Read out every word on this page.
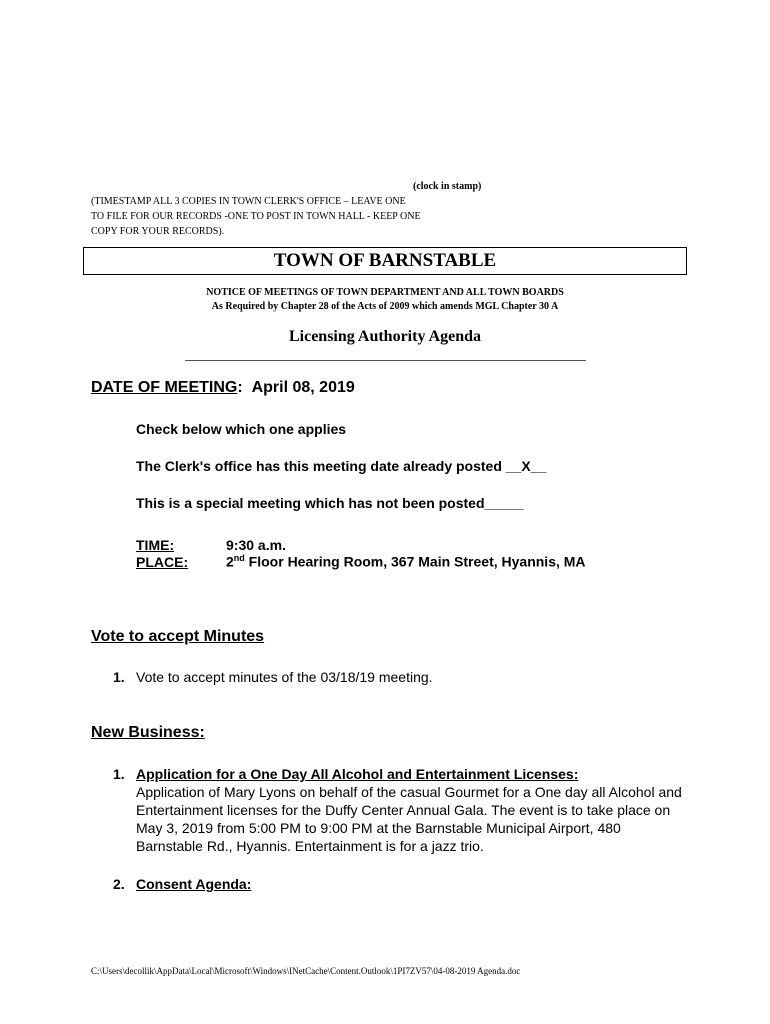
(clock in stamp)
(TIMESTAMP ALL 3 COPIES IN TOWN CLERK'S OFFICE – LEAVE ONE TO FILE FOR OUR RECORDS -ONE TO POST IN TOWN HALL - KEEP ONE COPY FOR YOUR RECORDS).
TOWN OF BARNSTABLE
NOTICE OF MEETINGS OF TOWN DEPARTMENT AND ALL TOWN BOARDS
As Required by Chapter 28 of the Acts of 2009 which amends MGL Chapter 30 A
Licensing Authority Agenda
DATE OF MEETING: April 08, 2019
Check below which one applies
The Clerk's office has this meeting date already posted __X__
This is a special meeting which has not been posted_____
TIME:	9:30 a.m.
PLACE:	2nd Floor Hearing Room, 367 Main Street, Hyannis, MA
Vote to accept Minutes
1. Vote to accept minutes of the 03/18/19 meeting.
New Business:
1. Application for a One Day All Alcohol and Entertainment Licenses:
Application of Mary Lyons on behalf of the casual Gourmet for a One day all Alcohol and Entertainment licenses for the Duffy Center Annual Gala. The event is to take place on May 3, 2019 from 5:00 PM to 9:00 PM at the Barnstable Municipal Airport, 480 Barnstable Rd., Hyannis. Entertainment is for a jazz trio.
2. Consent Agenda:
C:\Users\decollik\AppData\Local\Microsoft\Windows\INetCache\Content.Outlook\1PI7ZV57\04-08-2019 Agenda.doc
